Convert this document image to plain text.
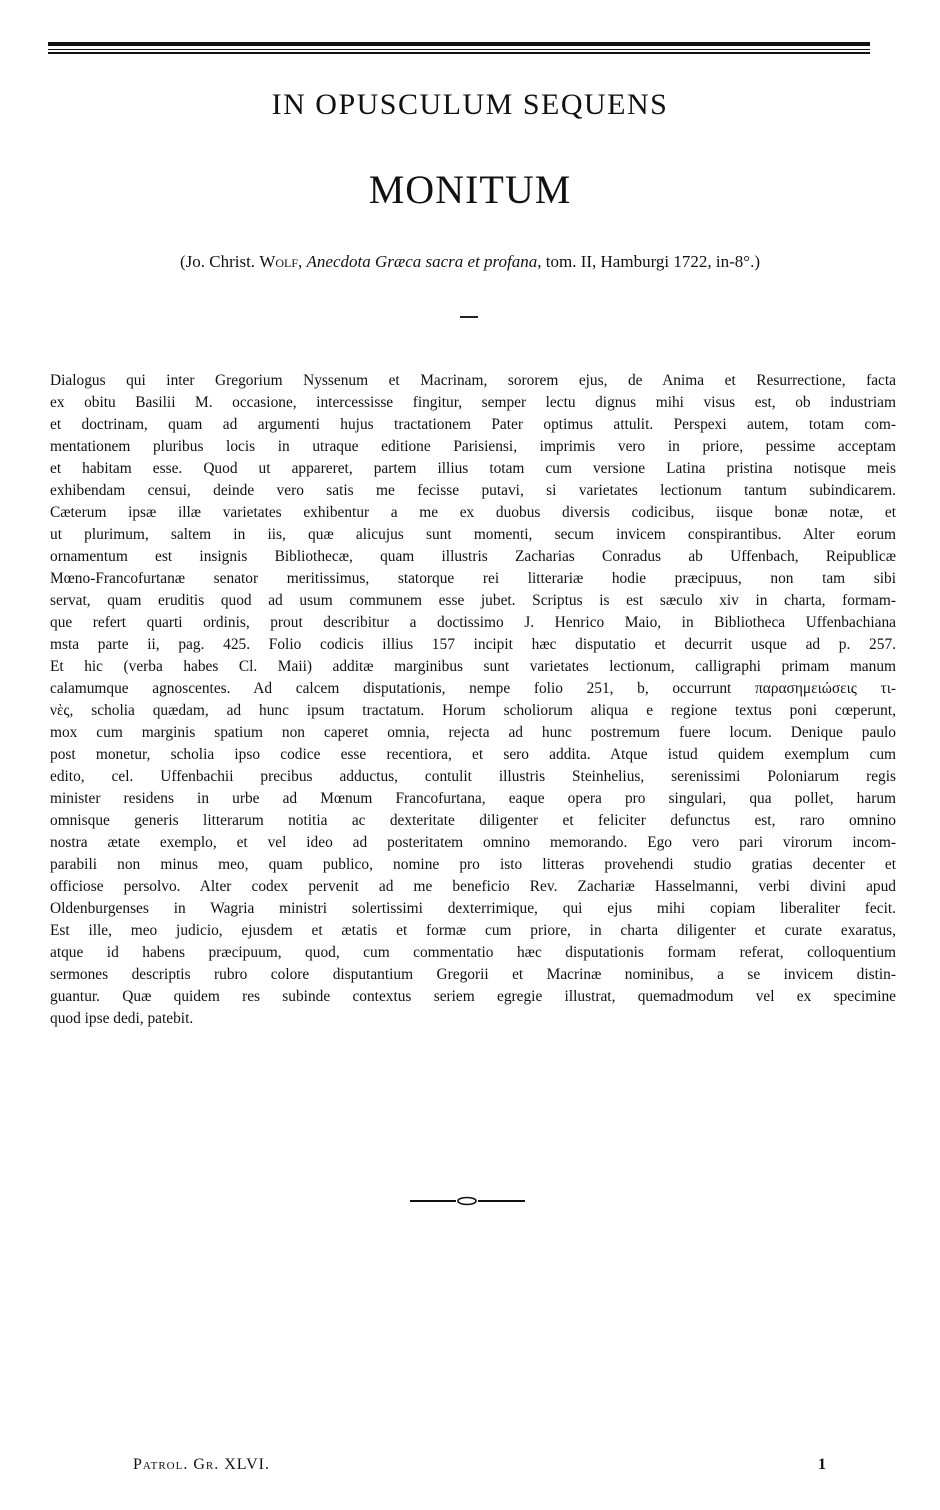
IN OPUSCULUM SEQUENS
MONITUM
(Jo. Christ. Wolf, Anecdota Græca sacra et profana, tom. II, Hamburgi 1722, in-8°.)
Dialogus qui inter Gregorium Nyssenum et Macrinam, sororem ejus, de Anima et Resurrectione, facta
ex obitu Basilii M. occasione, intercessisse fingitur, semper lectu dignus mihi visus est, ob industriam
et doctrinam, quam ad argumenti hujus tractationem Pater optimus attulit. Perspexi autem, totam com-
mentationem pluribus locis in utraque editione Parisiensi, imprimis vero in priore, pessime acceptam
et habitam esse. Quod ut appareret, partem illius totam cum versione Latina pristina notisque meis
exhibendam censui, deinde vero satis me fecisse putavi, si varietates lectionum tantum subindicarem.
Cæterum ipsæ illæ varietates exhibentur a me ex duobus diversis codicibus, iisque bonæ notæ, et
ut plurimum, saltem in iis, quæ alicujus sunt momenti, secum invicem conspirantibus. Alter eorum
ornamentum est insignis Bibliothecæ, quam illustris Zacharias Conradus ab Uffenbach, Reipublicæ
Mœno-Francofurtanæ senator meritissimus, statorque rei litterariæ hodie præcipuus, non tam sibi
servat, quam eruditis quod ad usum communem esse jubet. Scriptus is est sæculo xiv in charta, formam-
que refert quarti ordinis, prout describitur a doctissimo J. Henrico Maio, in Bibliotheca Uffenbachiana
msta parte ii, pag. 425. Folio codicis illius 157 incipit hæc disputatio et decurrit usque ad p. 257.
Et hic (verba habes Cl. Maii) additæ marginibus sunt varietates lectionum, calligraphi primam manum
calamumque agnoscentes. Ad calcem disputationis, nempe folio 251, b, occurrunt παρασημειώσεις τι-
νὲς, scholia quædam, ad hunc ipsum tractatum. Horum scholiorum aliqua e regione textus poni cœperunt,
mox cum marginis spatium non caperet omnia, rejecta ad hunc postremum fuere locum. Denique paulo
post monetur, scholia ipso codice esse recentiora, et sero addita. Atque istud quidem exemplum cum
edito, cel. Uffenbachii precibus adductus, contulit illustris Steinhelius, serenissimi Poloniarum regis
minister residens in urbe ad Mœnum Francofurtana, eaque opera pro singulari, qua pollet, harum
omnisque generis litterarum notitia ac dexteritate diligenter et feliciter defunctus est, raro omnino
nostra ætate exemplo, et vel ideo ad posteritatem omnino memorando. Ego vero pari virorum incom-
parabili non minus meo, quam publico, nomine pro isto litteras provehendi studio gratias decenter et
officiose persolvo. Alter codex pervenit ad me beneficio Rev. Zachariæ Hasselmanni, verbi divini apud
Oldenburgenses in Wagria ministri solertissimi dexterrimique, qui ejus mihi copiam liberaliter fecit.
Est ille, meo judicio, ejusdem et ætatis et formæ cum priore, in charta diligenter et curate exaratus,
atque id habens præcipuum, quod, cum commentatio hæc disputationis formam referat, colloquentium
sermones descriptis rubro colore disputantium Gregorii et Macrinæ nominibus, a se invicem distin-
guantur. Quæ quidem res subinde contextus seriem egregie illustrat, quemadmodum vel ex specimine
quod ipse dedi, patebit.
Patrol. Gr. XLVI.	1
